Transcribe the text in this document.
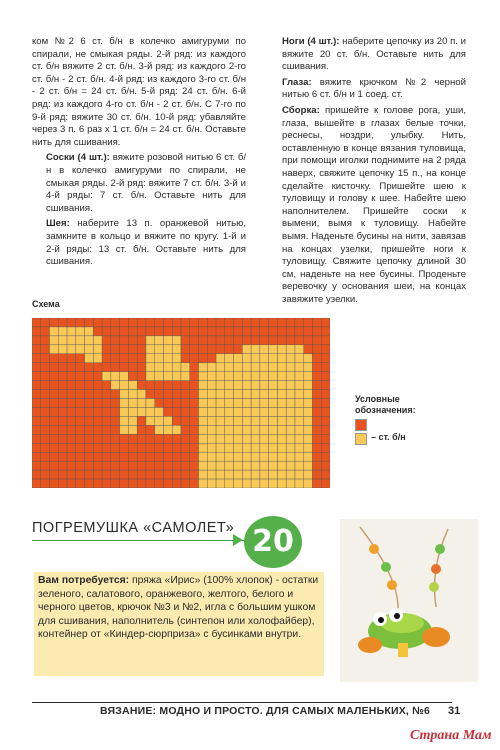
ком №2 6 ст. б/н в колечко амигуруми по спирали, не смыкая ряды. 2-й ряд: из каждого ст. б/н вяжите 2 ст. б/н. 3-й ряд: из каждого 2-го ст. б/н - 2 ст. б/н. 4-й ряд: из каждого 3-го ст. б/н - 2 ст. б/н = 24 ст. б/н. 5-й ряд: 24 ст. б/н. 6-й ряд: из каждого 4-го ст. б/н - 2 ст. б/н. С 7-го по 9-й ряд: вяжите 30 ст. б/н. 10-й ряд: убавляйте через 3 п. 6 раз х 1 ст. б/н = 24 ст. б/н. Оставьте нить для сшивания.

Соски (4 шт.): вяжите розовой нитью 6 ст. б/н в колечко амигуруми по спирали, не смыкая ряды. 2-й ряд: вяжите 7 ст. б/н. 3-й и 4-й ряды: 7 ст. б/н. Оставьте нить для сшивания.

Шея: наберите 13 п. оранжевой нитью, замкните в кольцо и вяжите по кругу. 1-й и 2-й ряды: 13 ст. б/н. Оставьте нить для сшивания.

Ноги (4 шт.): наберите цепочку из 20 п. и вяжите 20 ст. б/н. Оставьте нить для сшивания.

Глаза: вяжите крючком №2 черной нитью 6 ст. б/н и 1 соед. ст.

Сборка: пришейте к голове рога, уши, глаза, вышейте в глазах белые точки, реснесы, ноздри, улыбку. Нить, оставленную в конце вязания туловища, при помощи иголки поднимите на 2 ряда наверх, свяжите цепочку 15 п., на конце сделайте кисточку. Пришейте шею к туловищу и голову к шее. Набейте шею наполнителем. Пришейте соски к вымени, вымя к туловищу. Набейте вымя. Наденьте бусины на нити, завязав на концах узелки, пришейте ноги к туловищу. Свяжите цепочку длиной 30 см, наденьте на нее бусины. Проденьте веревочку у основания шеи, на концах завяжите узелки.

Схема
Условные
обозначения:
– ст. б/н
ПОГРЕМУШКА «САМОЛЕТ» 20
Вам потребуется: пряжа «Ирис» (100% хлопок) - остатки зеленого, салатового, оранжевого, желтого, белого и черного цветов, крючок №3 и №2, игла с большим ушком для сшивания, наполнитель (синтепон или холофайбер), контейнер от «Киндер-сюрприза» с бусинками внутри.
ВЯЗАНИЕ: МОДНО И ПРОСТО. ДЛЯ САМЫХ МАЛЕНЬКИХ, №6 31
Страна Мам
